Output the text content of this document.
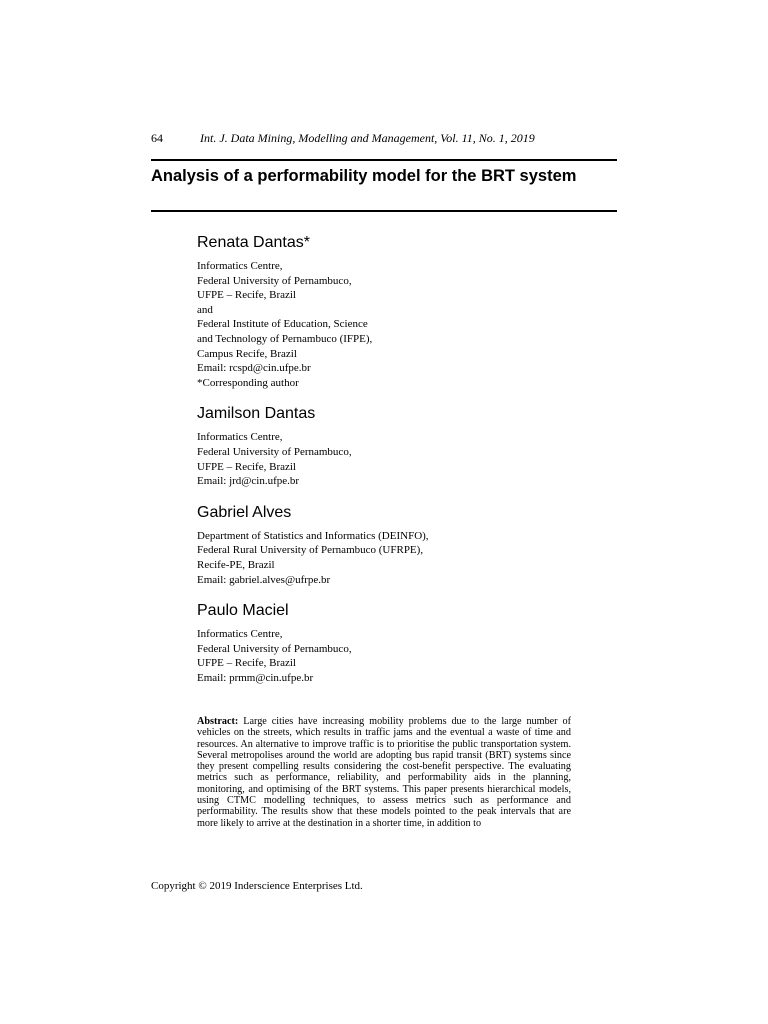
64	Int. J. Data Mining, Modelling and Management, Vol. 11, No. 1, 2019
Analysis of a performability model for the BRT system
Renata Dantas*

Informatics Centre,

Federal University of Pernambuco,

UFPE – Recife, Brazil

and

Federal Institute of Education, Science

and Technology of Pernambuco (IFPE),

Campus Recife, Brazil

Email: rcspd@cin.ufpe.br

*Corresponding author

Jamilson Dantas

Informatics Centre,

Federal University of Pernambuco,

UFPE – Recife, Brazil

Email: jrd@cin.ufpe.br

Gabriel Alves

Department of Statistics and Informatics (DEINFO),

Federal Rural University of Pernambuco (UFRPE),

Recife-PE, Brazil

Email: gabriel.alves@ufrpe.br

Paulo Maciel

Informatics Centre,

Federal University of Pernambuco,

UFPE – Recife, Brazil

Email: prmm@cin.ufpe.br

Abstract: Large cities have increasing mobility problems due to the large number of vehicles on the streets, which results in traffic jams and the eventual a waste of time and resources. An alternative to improve traffic is to prioritise the public transportation system. Several metropolises around the world are adopting bus rapid transit (BRT) systems since they present compelling results considering the cost-benefit perspective. The evaluating metrics such as performance, reliability, and performability aids in the planning, monitoring, and optimising of the BRT systems. This paper presents hierarchical models, using CTMC modelling techniques, to assess metrics such as performance and performability. The results show that these models pointed to the peak intervals that are more likely to arrive at the destination in a shorter time, in addition to

Copyright © 2019 Inderscience Enterprises Ltd.
